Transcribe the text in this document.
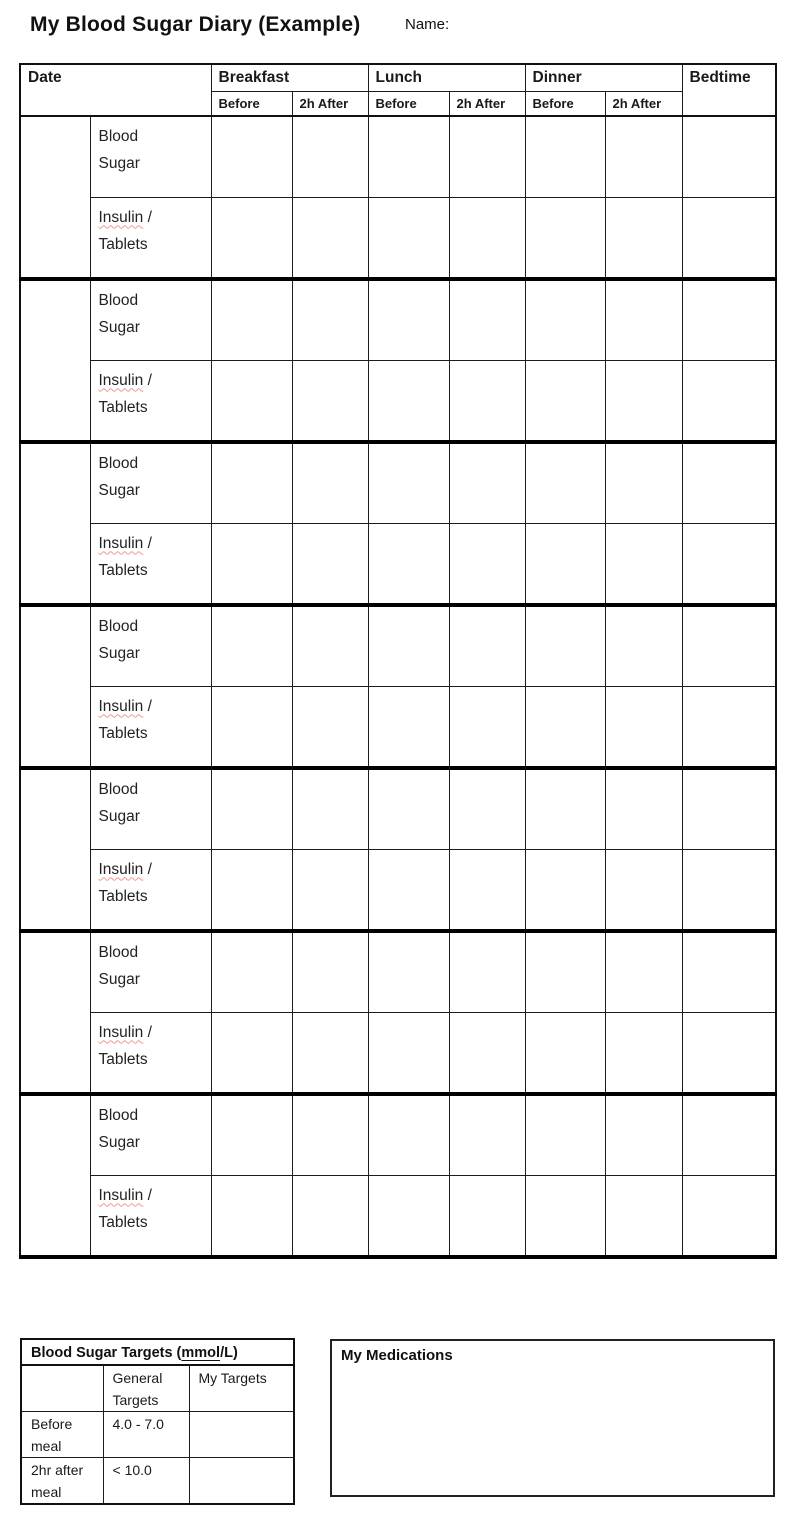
My Blood Sugar Diary (Example)	Name:
Date		Breakfast		Lunch		Dinner		Bedtime
		Before	2h After	Before	2h After	Before	2h After	

	Blood
Sugar							

	Insulin /
Tablets							

	Blood
Sugar							

	Insulin /
Tablets							

	Blood
Sugar							

	Insulin /
Tablets							

	Blood
Sugar							

	Insulin /
Tablets							

	Blood
Sugar							

	Insulin /
Tablets							

	Blood
Sugar							

	Insulin /
Tablets							

	Blood
Sugar							

	Insulin /
Tablets							

Blood Sugar Targets (mmol/L)		

	General
Targets	My Targets
Before meal	4.0 - 7.0	
2hr after meal	< 10.0	
My Medications
